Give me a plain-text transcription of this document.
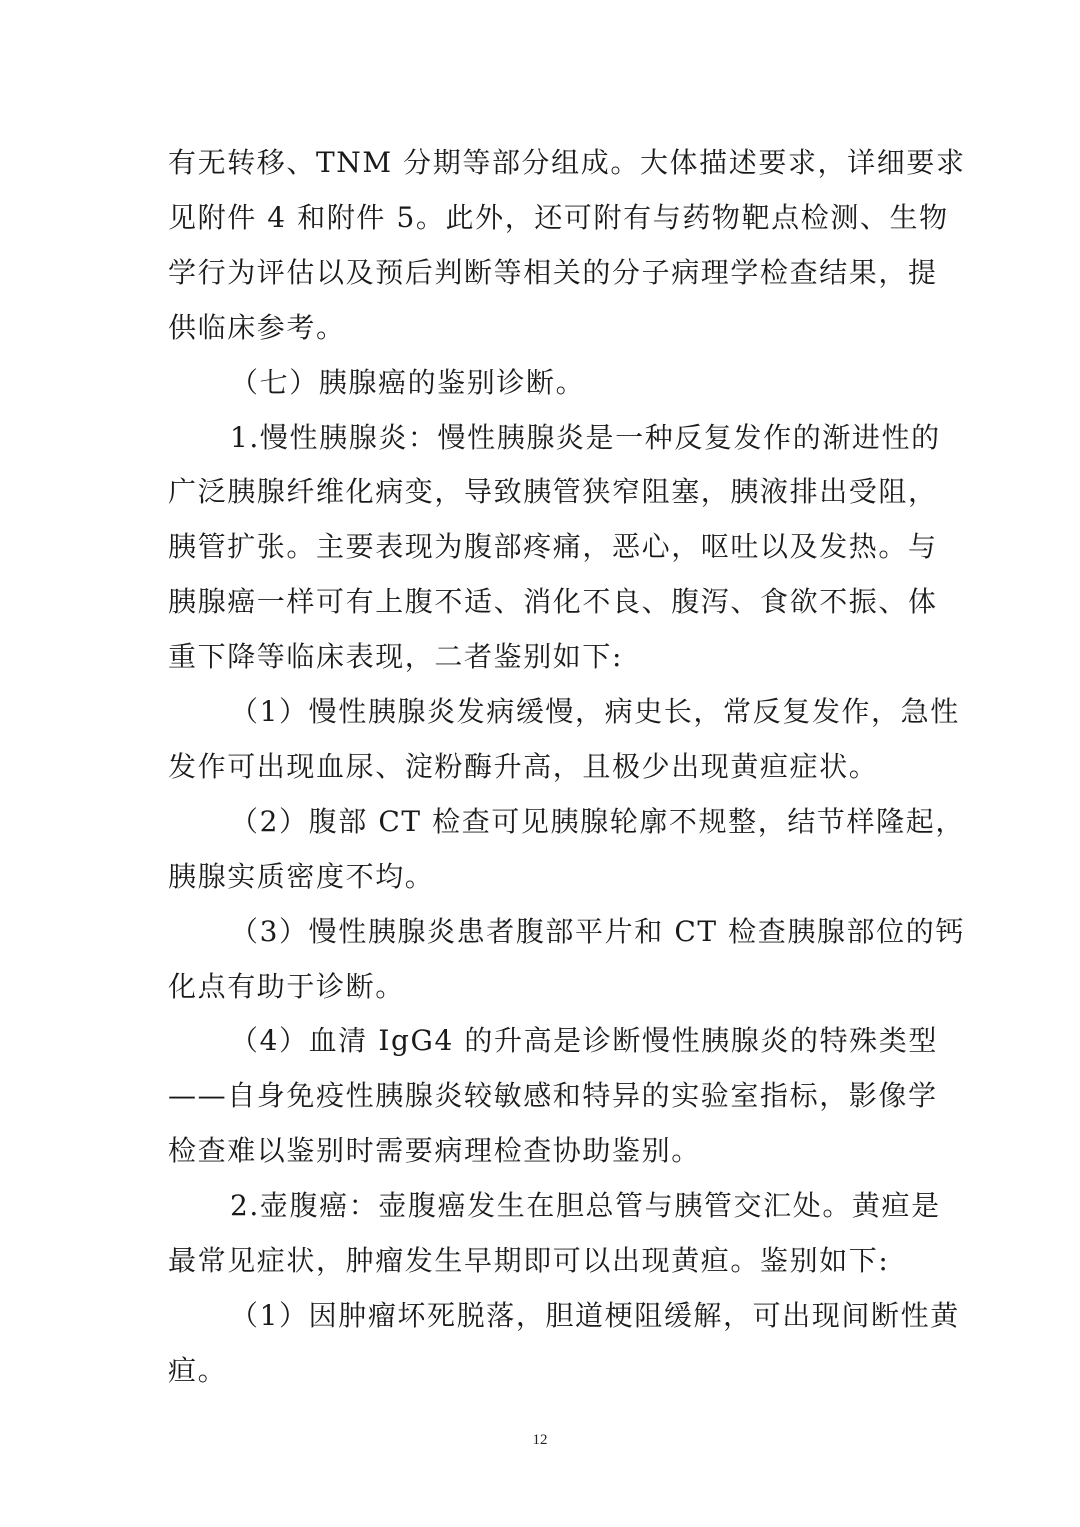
有无转移、TNM 分期等部分组成。大体描述要求，详细要求
见附件 4 和附件 5。此外，还可附有与药物靶点检测、生物
学行为评估以及预后判断等相关的分子病理学检查结果，提
供临床参考。
（七）胰腺癌的鉴别诊断。
1.慢性胰腺炎：慢性胰腺炎是一种反复发作的渐进性的
广泛胰腺纤维化病变，导致胰管狭窄阻塞，胰液排出受阻，
胰管扩张。主要表现为腹部疼痛，恶心，呕吐以及发热。与
胰腺癌一样可有上腹不适、消化不良、腹泻、食欲不振、体
重下降等临床表现，二者鉴别如下:
（1）慢性胰腺炎发病缓慢，病史长，常反复发作，急性
发作可出现血尿、淀粉酶升高，且极少出现黄疸症状。
（2）腹部 CT 检查可见胰腺轮廓不规整，结节样隆起，
胰腺实质密度不均。
（3）慢性胰腺炎患者腹部平片和 CT 检查胰腺部位的钙
化点有助于诊断。
（4）血清 IgG4 的升高是诊断慢性胰腺炎的特殊类型
——自身免疫性胰腺炎较敏感和特异的实验室指标，影像学
检查难以鉴别时需要病理检查协助鉴别。
2.壶腹癌：壶腹癌发生在胆总管与胰管交汇处。黄疸是
最常见症状，肿瘤发生早期即可以出现黄疸。鉴别如下:
（1）因肿瘤坏死脱落，胆道梗阻缓解，可出现间断性黄
疸。
12
